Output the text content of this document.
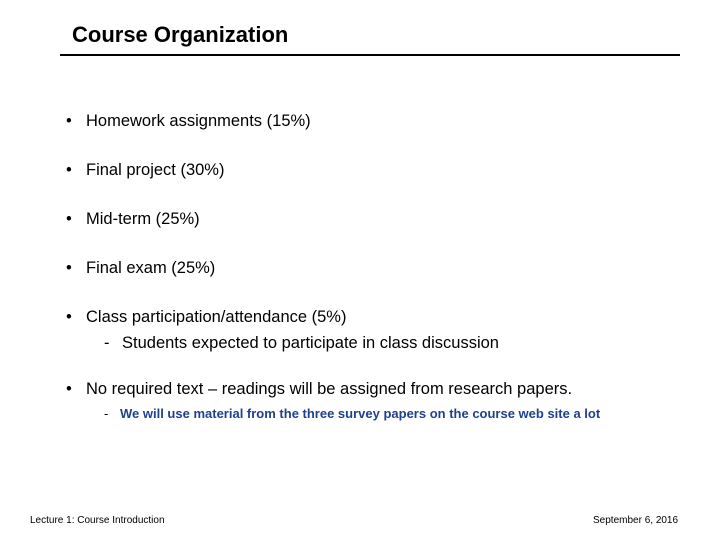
Course Organization
• Homework assignments (15%)
• Final project (30%)
• Mid-term (25%)
• Final exam (25%)
• Class participation/attendance (5%)
- Students expected to participate in class discussion
• No required text – readings will be assigned from research papers.
- We will use material from the three survey papers on the course web site a lot
Lecture 1: Course Introduction	September 6, 2016
